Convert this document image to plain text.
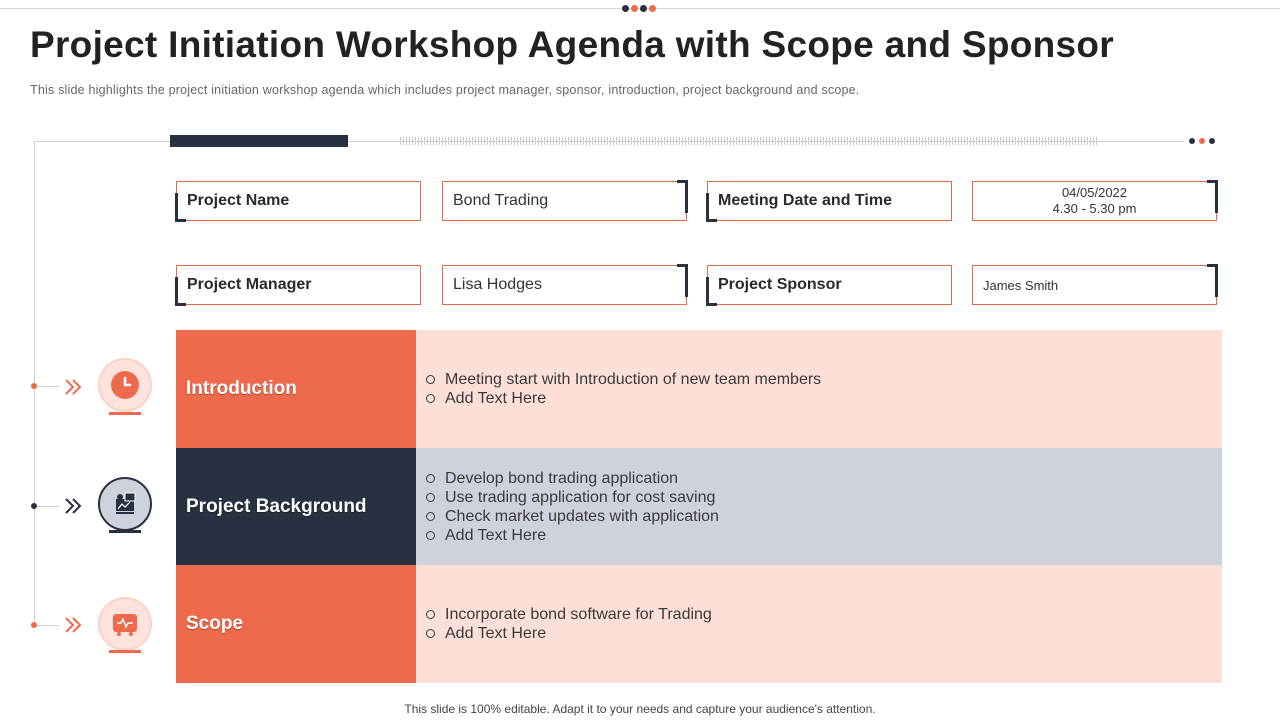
Project Initiation Workshop Agenda with Scope and Sponsor

This slide highlights the project initiation workshop agenda which includes project manager, sponsor, introduction, project background and scope.

Project Name	Bond Trading	Meeting Date and Time	04/05/2022
4.30 - 5.30 pm
Project Manager	Lisa Hodges	Project Sponsor	James Smith
Introduction	Meeting start with Introduction of new team members
Add Text Here
Project Background
Develop bond trading application
Use trading application for cost saving
Check market updates with application
Add Text Here
Scope	Incorporate bond software for Trading
Add Text Here
This slide is 100% editable. Adapt it to your needs and capture your audience's attention.
